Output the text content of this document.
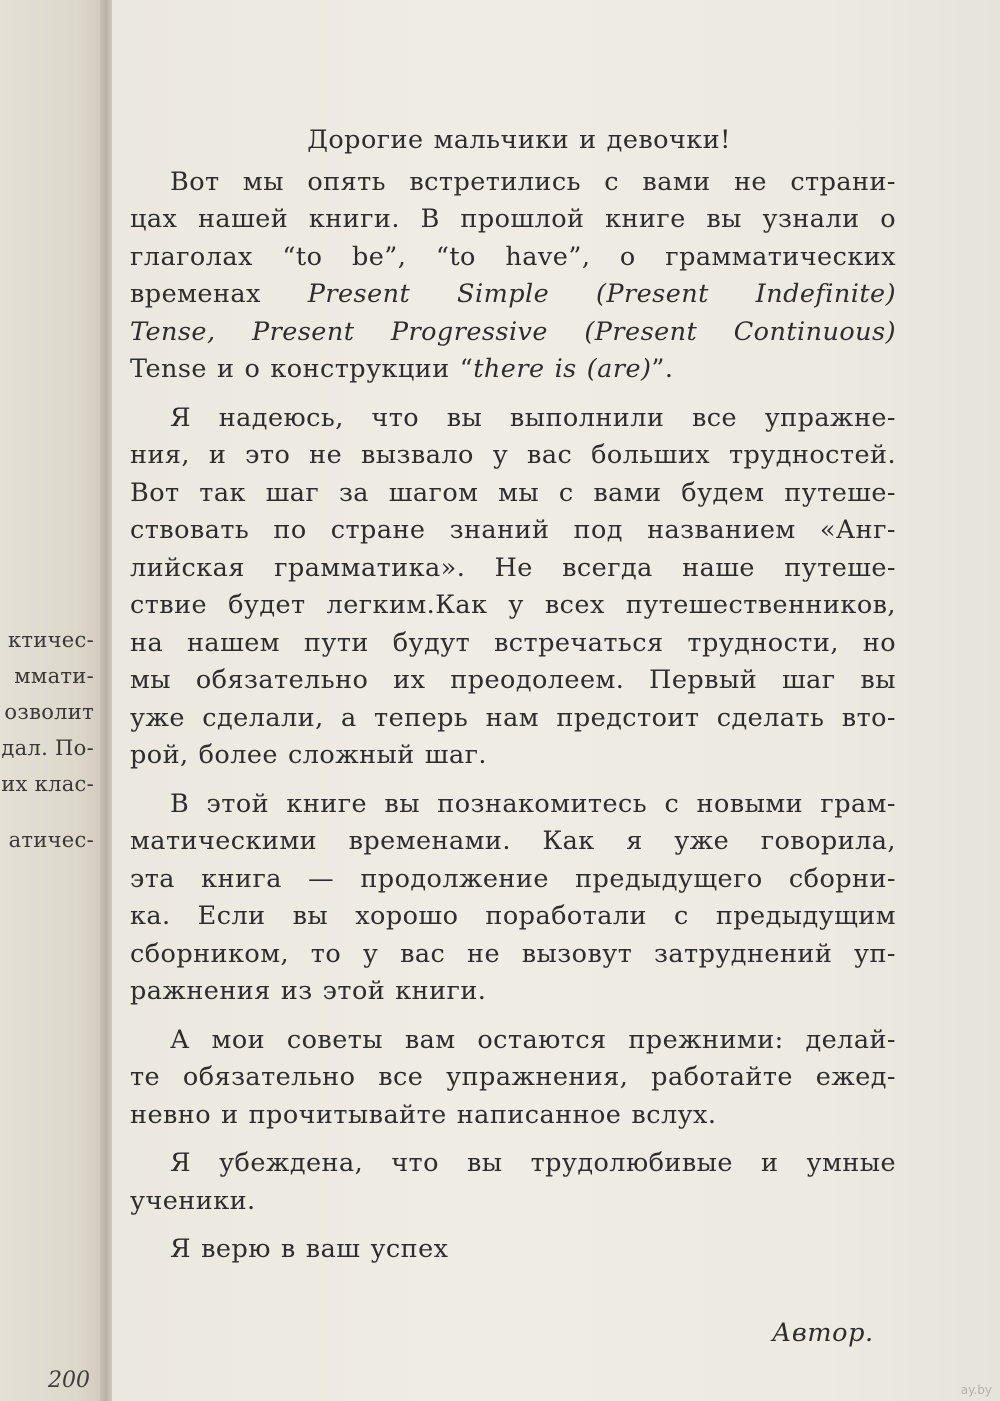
ктичес-
ммати-
озволит
дал. По-
их клас-
атичес-
200
Дорогие мальчики и девочки!
Вот мы опять встретились с вами не страни-
цах нашей книги. В прошлой книге вы узнали о
глаголах “to be”, “to have”, о грамматических
временах Present Simple (Present Indefinite)
Tense, Present Progressive (Present Continuous)
Tense и о конструкции “there is (are)”.
Я надеюсь, что вы выполнили все упражне-
ния, и это не вызвало у вас больших трудностей.
Вот так шаг за шагом мы с вами будем путеше-
ствовать по стране знаний под названием «Анг-
лийская грамматика». Не всегда наше путеше-
ствие будет легким.Как у всех путешественников,
на нашем пути будут встречаться трудности, но
мы обязательно их преодолеем. Первый шаг вы
уже сделали, а теперь нам предстоит сделать вто-
рой, более сложный шаг.
В этой книге вы познакомитесь с новыми грам-
матическими временами. Как я уже говорила,
эта книга — продолжение предыдущего сборни-
ка. Если вы хорошо поработали с предыдущим
сборником, то у вас не вызовут затруднений уп-
ражнения из этой книги.
А мои советы вам остаются прежними: делай-
те обязательно все упражнения, работайте ежед-
невно и прочитывайте написанное вслух.
Я убеждена, что вы трудолюбивые и умные
ученики.
Я верю в ваш успех
Автор.
ay.by
